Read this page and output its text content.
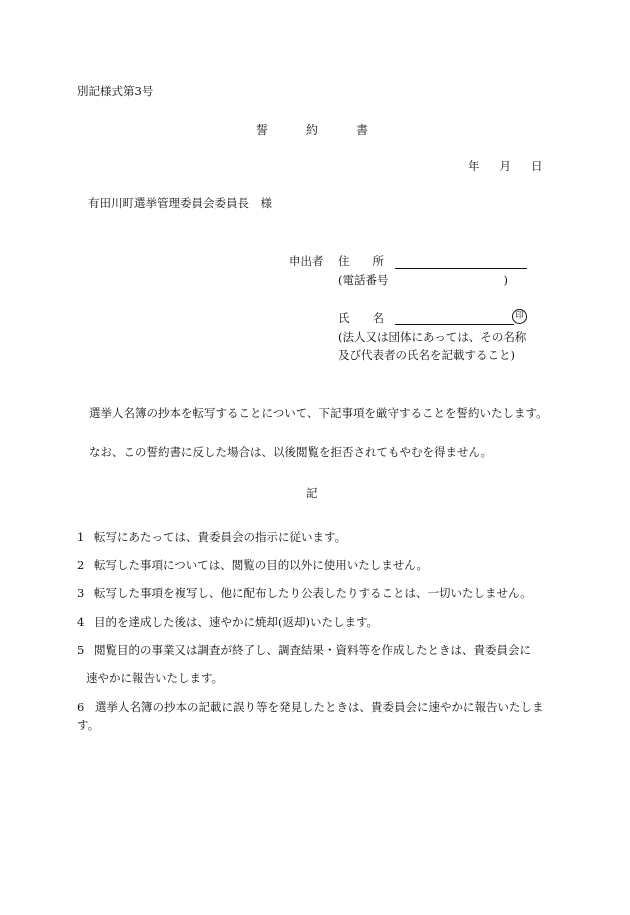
別記様式第3号
誓	約	書
年 月 日
有田川町選挙管理委員会委員長　様
申出者 住　　所
(電話番号	)
氏　　名	印
(法人又は団体にあっては、その名称
及び代表者の氏名を記載すること)
選挙人名簿の抄本を転写することについて、下記事項を厳守することを誓約いたします。
なお、この誓約書に反した場合は、以後閲覧を拒否されてもやむを得ません。
記
1 転写にあたっては、貴委員会の指示に従います。
2 転写した事項については、閲覧の目的以外に使用いたしません。
3 転写した事項を複写し、他に配布したり公表したりすることは、一切いたしません。
4 目的を達成した後は、速やかに焼却(返却)いたします。
5 閲覧目的の事業又は調査が終了し、調査結果・資料等を作成したときは、貴委員会に
速やかに報告いたします。
6 選挙人名簿の抄本の記載に誤り等を発見したときは、貴委員会に速やかに報告いたします。
